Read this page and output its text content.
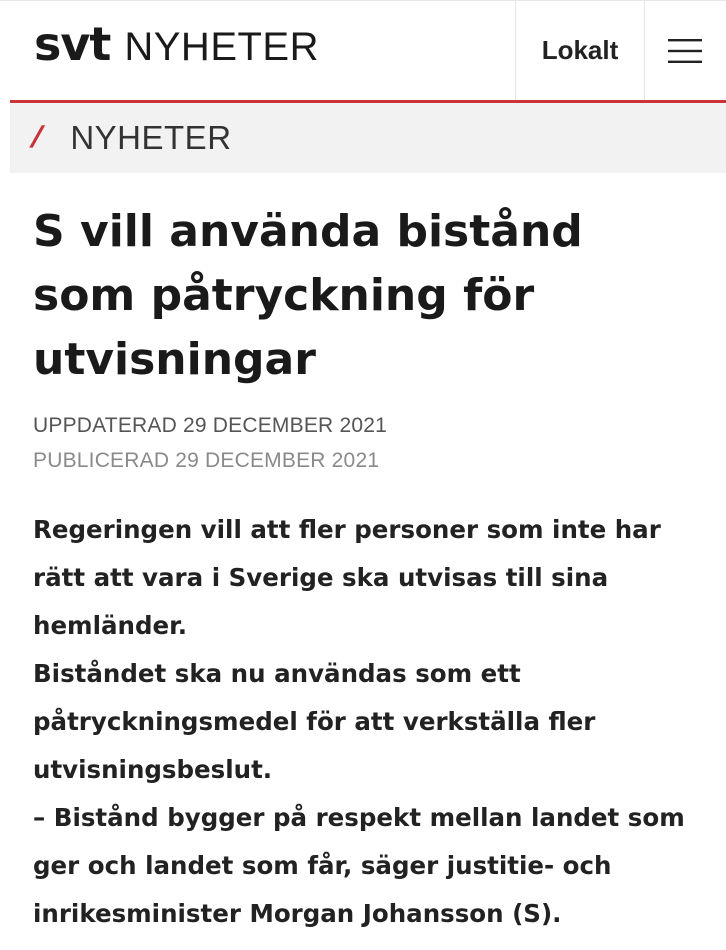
svt NYHETER	Lokalt
/ NYHETER
S vill använda bistånd som påtryckning för utvisningar
UPPDATERAD 29 DECEMBER 2021
PUBLICERAD 29 DECEMBER 2021

Regeringen vill att fler personer som inte har rätt att vara i Sverige ska utvisas till sina hemländer.

Biståndet ska nu användas som ett påtryckningsmedel för att verkställa fler utvisningsbeslut.

– Bistånd bygger på respekt mellan landet som ger och landet som får, säger justitie- och inrikesminister Morgan Johansson (S).
